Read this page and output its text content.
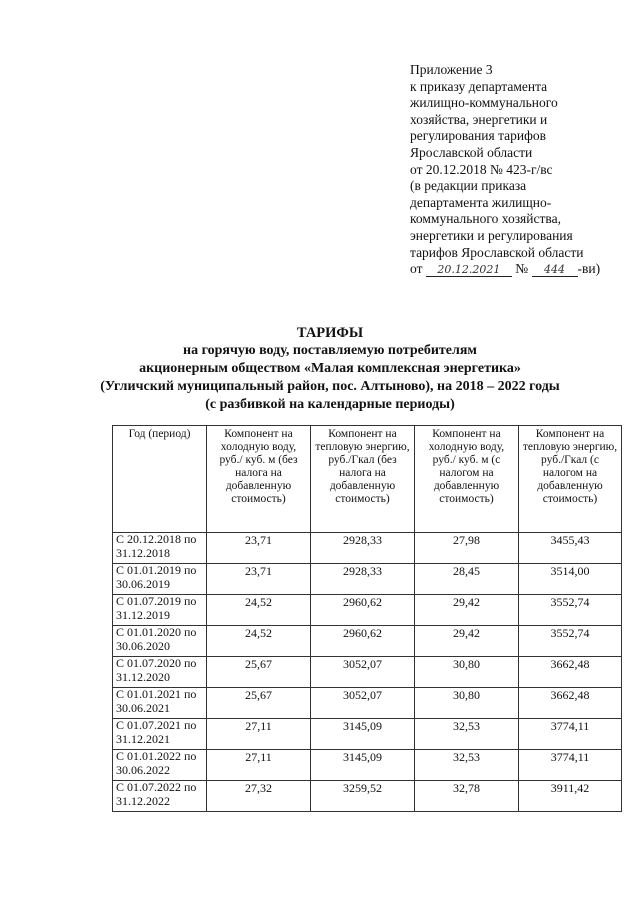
Приложение 3
к приказу департамента
жилищно-коммунального
хозяйства, энергетики и
регулирования тарифов
Ярославской области
от 20.12.2018 № 423-г/вс
(в редакции приказа
департамента жилищно-
коммунального хозяйства,
энергетики и регулирования
тарифов Ярославской области
от 20.12.2021 № 444 -ви)
ТАРИФЫ
на горячую воду, поставляемую потребителям
акционерным обществом «Малая комплексная энергетика»
(Угличский муниципальный район, пос. Алтыново), на 2018 – 2022 годы
(с разбивкой на календарные периоды)
Год (период)	Компонент на холодную воду, руб./ куб. м (без налога на добавленную стоимость)	Компонент на тепловую энергию, руб./Гкал (без налога на добавленную стоимость)	Компонент на холодную воду, руб./ куб. м (с налогом на добавленную стоимость)	Компонент на тепловую энергию, руб./Гкал (с налогом на добавленную стоимость)
С 20.12.2018 по 31.12.2018	23,71	2928,33	27,98	3455,43
С 01.01.2019 по 30.06.2019	23,71	2928,33	28,45	3514,00
С 01.07.2019 по 31.12.2019	24,52	2960,62	29,42	3552,74
С 01.01.2020 по 30.06.2020	24,52	2960,62	29,42	3552,74
С 01.07.2020 по 31.12.2020	25,67	3052,07	30,80	3662,48
С 01.01.2021 по 30.06.2021	25,67	3052,07	30,80	3662,48
С 01.07.2021 по 31.12.2021	27,11	3145,09	32,53	3774,11
С 01.01.2022 по 30.06.2022	27,11	3145,09	32,53	3774,11
С 01.07.2022 по 31.12.2022	27,32	3259,52	32,78	3911,42
